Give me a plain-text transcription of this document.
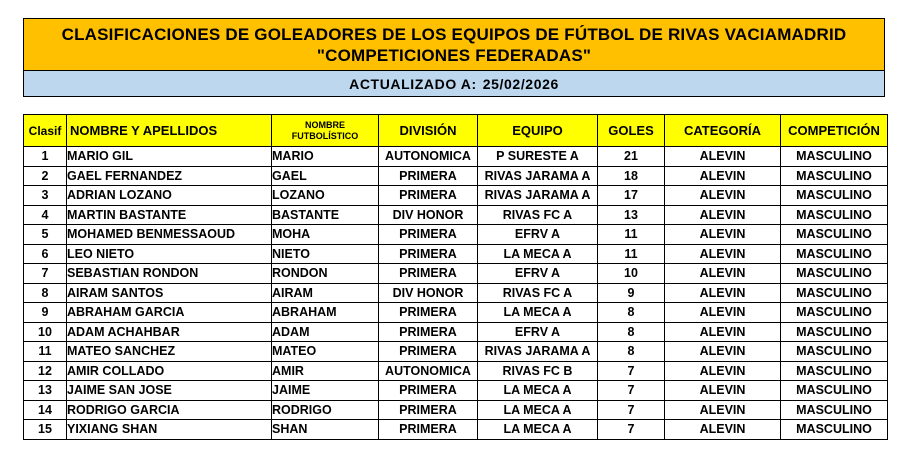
CLASIFICACIONES DE GOLEADORES DE LOS EQUIPOS DE FÚTBOL DE RIVAS VACIAMADRID
"COMPETICIONES FEDERADAS"
ACTUALIZADO A: 25/02/2026
Clasif	NOMBRE Y APELLIDOS	NOMBRE FUTBOLÍSTICO	DIVISIÓN	EQUIPO	GOLES	CATEGORÍA	COMPETICIÓN
1	MARIO GIL	MARIO	AUTONOMICA	P SURESTE A	21	ALEVIN	MASCULINO
2	GAEL FERNANDEZ	GAEL	PRIMERA	RIVAS JARAMA A	18	ALEVIN	MASCULINO
3	ADRIAN LOZANO	LOZANO	PRIMERA	RIVAS JARAMA A	17	ALEVIN	MASCULINO
4	MARTIN BASTANTE	BASTANTE	DIV HONOR	RIVAS FC A	13	ALEVIN	MASCULINO
5	MOHAMED BENMESSAOUD	MOHA	PRIMERA	EFRV A	11	ALEVIN	MASCULINO
6	LEO NIETO	NIETO	PRIMERA	LA MECA A	11	ALEVIN	MASCULINO
7	SEBASTIAN RONDON	RONDON	PRIMERA	EFRV A	10	ALEVIN	MASCULINO
8	AIRAM SANTOS	AIRAM	DIV HONOR	RIVAS FC A	9	ALEVIN	MASCULINO
9	ABRAHAM GARCIA	ABRAHAM	PRIMERA	LA MECA A	8	ALEVIN	MASCULINO
10	ADAM ACHAHBAR	ADAM	PRIMERA	EFRV A	8	ALEVIN	MASCULINO
11	MATEO SANCHEZ	MATEO	PRIMERA	RIVAS JARAMA A	8	ALEVIN	MASCULINO
12	AMIR COLLADO	AMIR	AUTONOMICA	RIVAS FC B	7	ALEVIN	MASCULINO
13	JAIME SAN JOSE	JAIME	PRIMERA	LA MECA A	7	ALEVIN	MASCULINO
14	RODRIGO GARCIA	RODRIGO	PRIMERA	LA MECA A	7	ALEVIN	MASCULINO
15	YIXIANG SHAN	SHAN	PRIMERA	LA MECA A	7	ALEVIN	MASCULINO
